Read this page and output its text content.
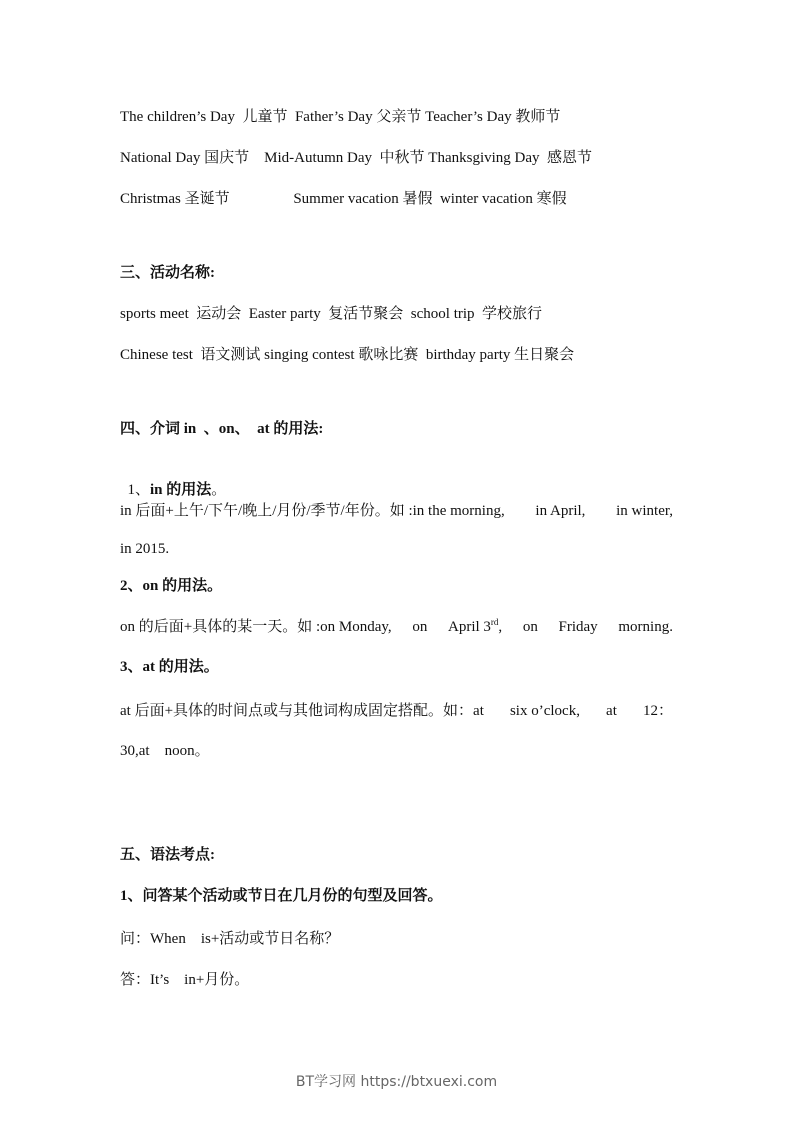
The children’s Day  儿童节  Father’s Day 父亲节 Teacher’s Day 教师节
National Day 国庆节    Mid-Autumn Day  中秋节 Thanksgiving Day  感恩节
Christmas 圣诞节                 Summer vacation 暑假  winter vacation 寒假
三、活动名称:
sports meet  运动会  Easter party  复活节聚会  school trip  学校旅行
Chinese test  语文测试 singing contest 歌咏比赛  birthday party 生日聚会
四、介词 in  、on、  at 的用法:

1、in 的用法。

in 后面+上午/下午/晚上/月份/季节/年份。如 :in the morning, in April, in winter,
in 2015.
2、on 的用法。
on 的后面+具体的某一天。如 :on Monday, on April 3rd, on Friday morning.
3、at 的用法。
at 后面+具体的时间点或与其他词构成固定搭配。如：at six o’clock, at 12：
30,at    noon。
五、语法考点:
1、问答某个活动或节日在几月份的句型及回答。
问：When    is+活动或节日名称？
答：It’s    in+月份。
BT学习网 https://btxuexi.com
